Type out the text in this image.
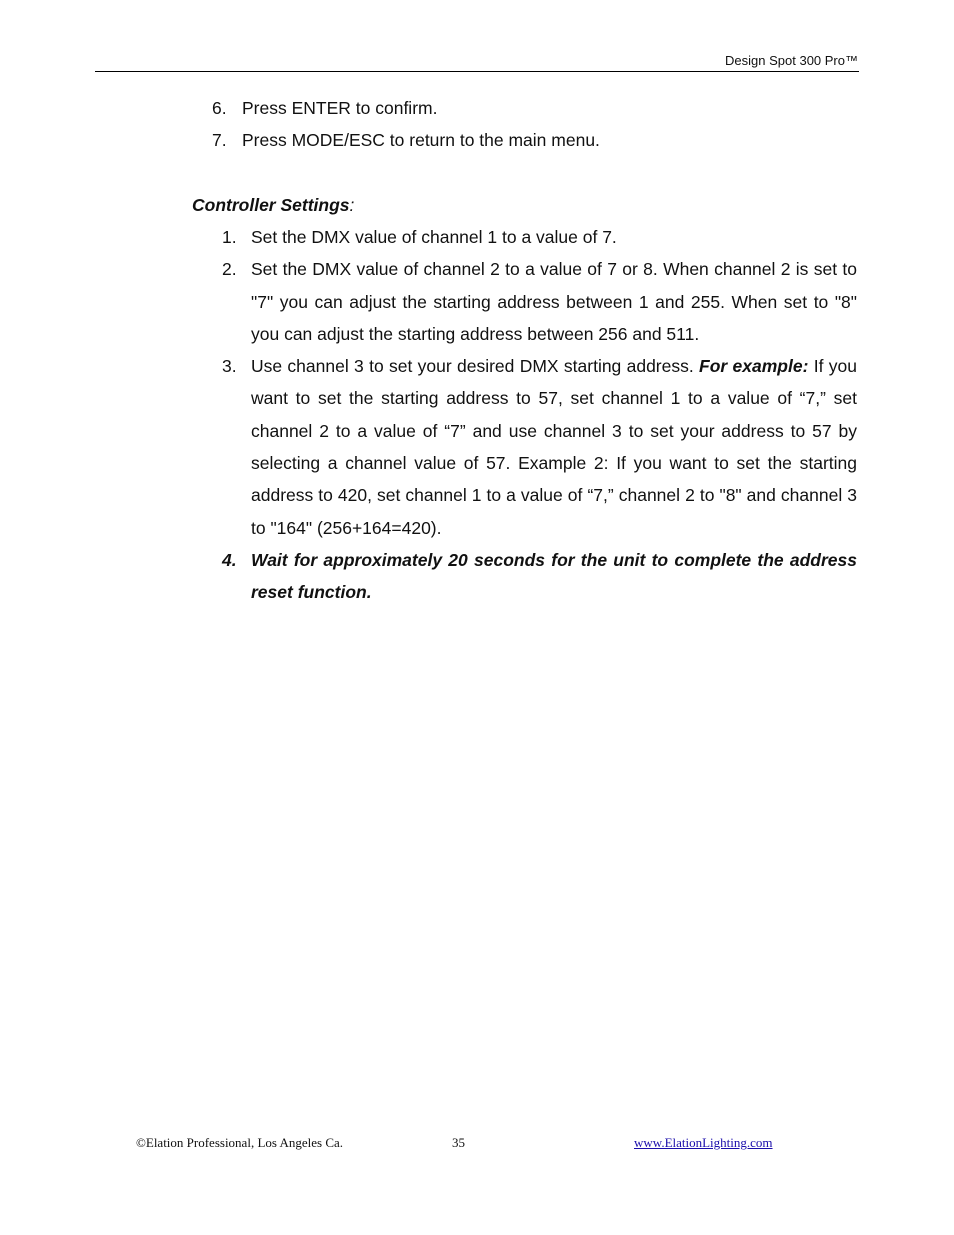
Design Spot 300 Pro™
6. Press ENTER to confirm.
7. Press MODE/ESC to return to the main menu.
Controller Settings:
1. Set the DMX value of channel 1 to a value of 7.
2. Set the DMX value of channel 2 to a value of 7 or 8. When channel 2 is set to "7" you can adjust the starting address between 1 and 255. When set to "8" you can adjust the starting address between 256 and 511.
3. Use channel 3 to set your desired DMX starting address. For example: If you want to set the starting address to 57, set channel 1 to a value of “7,” set channel 2 to a value of “7” and use channel 3 to set your address to 57 by selecting a channel value of 57. Example 2: If you want to set the starting address to 420, set channel 1 to a value of “7,” channel 2 to "8" and channel 3 to "164" (256+164=420).
4. Wait for approximately 20 seconds for the unit to complete the address reset function.
©Elation Professional, Los Angeles Ca.	35	www.ElationLighting.com
